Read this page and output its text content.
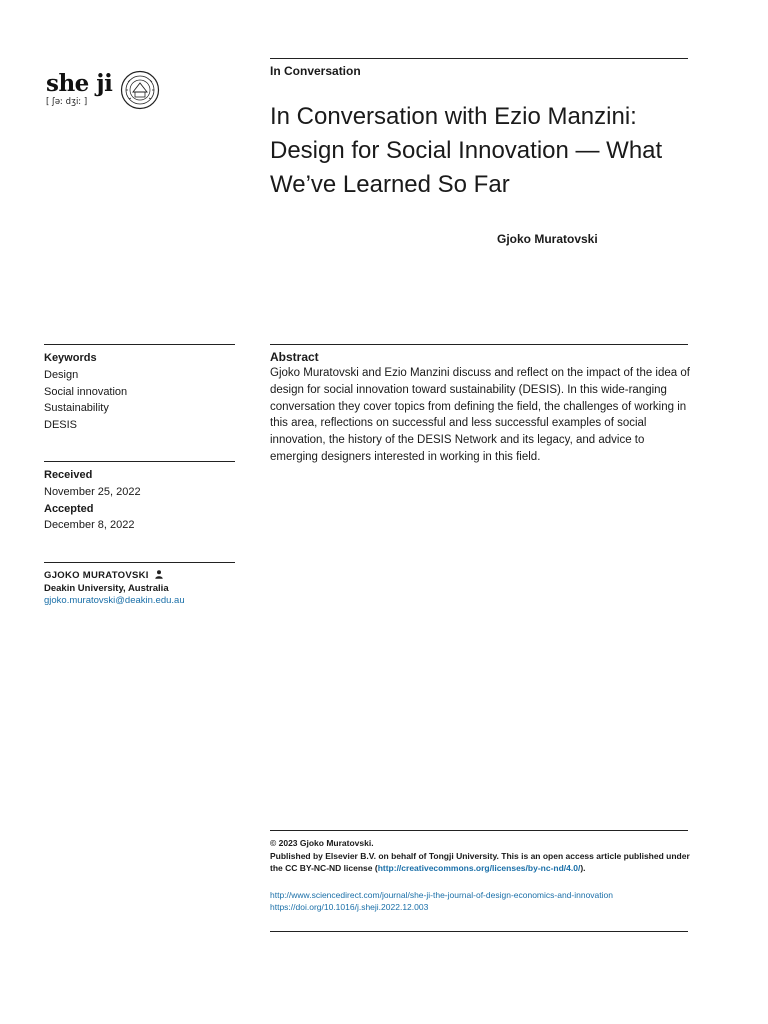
she ji
[ ʃəː dʒiː ]
In Conversation
In Conversation with Ezio Manzini: Design for Social Innovation — What We’ve Learned So Far
Gjoko Muratovski
Keywords
Design
Social innovation
Sustainability
DESIS
Received
November 25, 2022
Accepted
December 8, 2022
GJOKO MURATOVSKI
Deakin University, Australia
gjoko.muratovski@deakin.edu.au
Abstract
Gjoko Muratovski and Ezio Manzini discuss and reflect on the impact of the idea of design for social innovation toward sustainability (DESIS). In this wide-ranging conversation they cover topics from defining the field, the challenges of working in this area, reflections on successful and less successful examples of social innovation, the history of the DESIS Network and its legacy, and advice to emerging designers interested in working in this field.
© 2023 Gjoko Muratovski.
Published by Elsevier B.V. on behalf of Tongji University. This is an open access article published under the CC BY-NC-ND license (http://creativecommons.org/licenses/by-nc-nd/4.0/).
http://www.sciencedirect.com/journal/she-ji-the-journal-of-design-economics-and-innovation
https://doi.org/10.1016/j.sheji.2022.12.003
